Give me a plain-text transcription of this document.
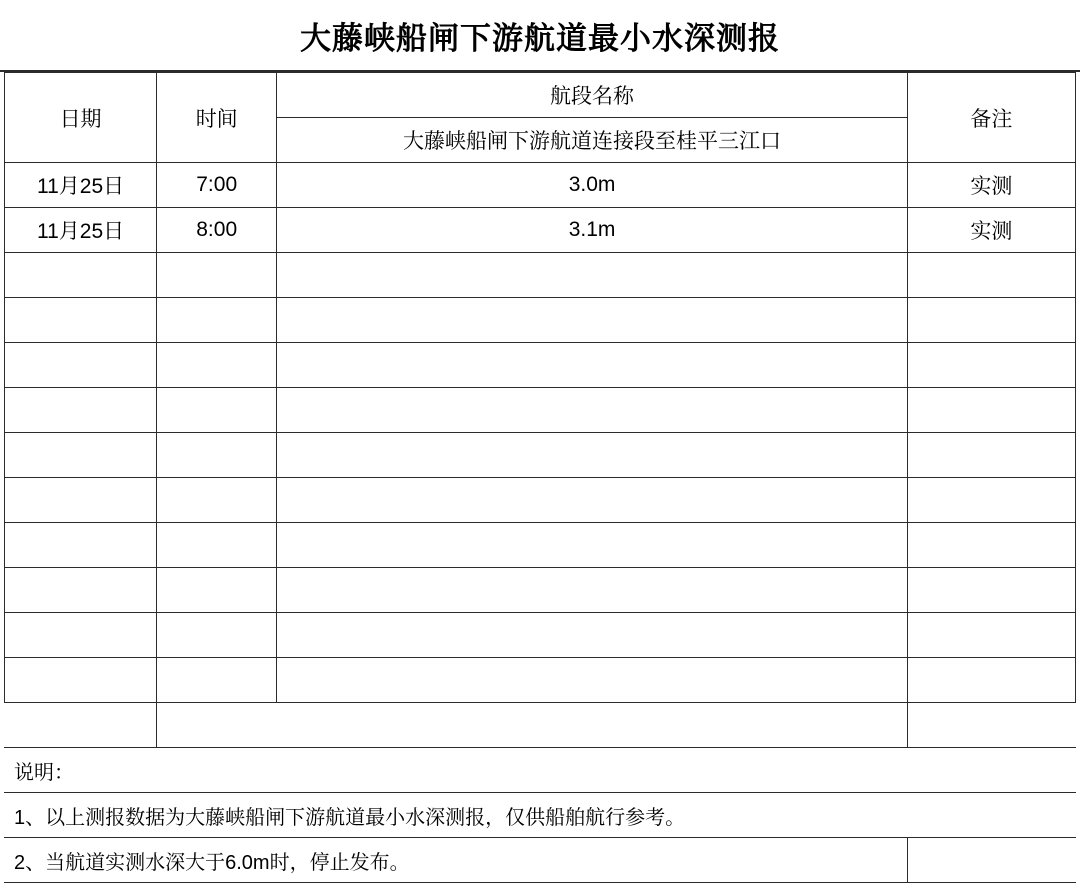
大藤峡船闸下游航道最小水深测报
日期	时间	航段名称	备注
		大藤峡船闸下游航道连接段至桂平三江口	
11月25日	7:00	3.0m	实测
11月25日	8:00	3.1m	实测

说明：		
1、以上测报数据为大藤峡船闸下游航道最小水深测报，仅供船舶航行参考。		
2、当航道实测水深大于6.0m时，停止发布。		
